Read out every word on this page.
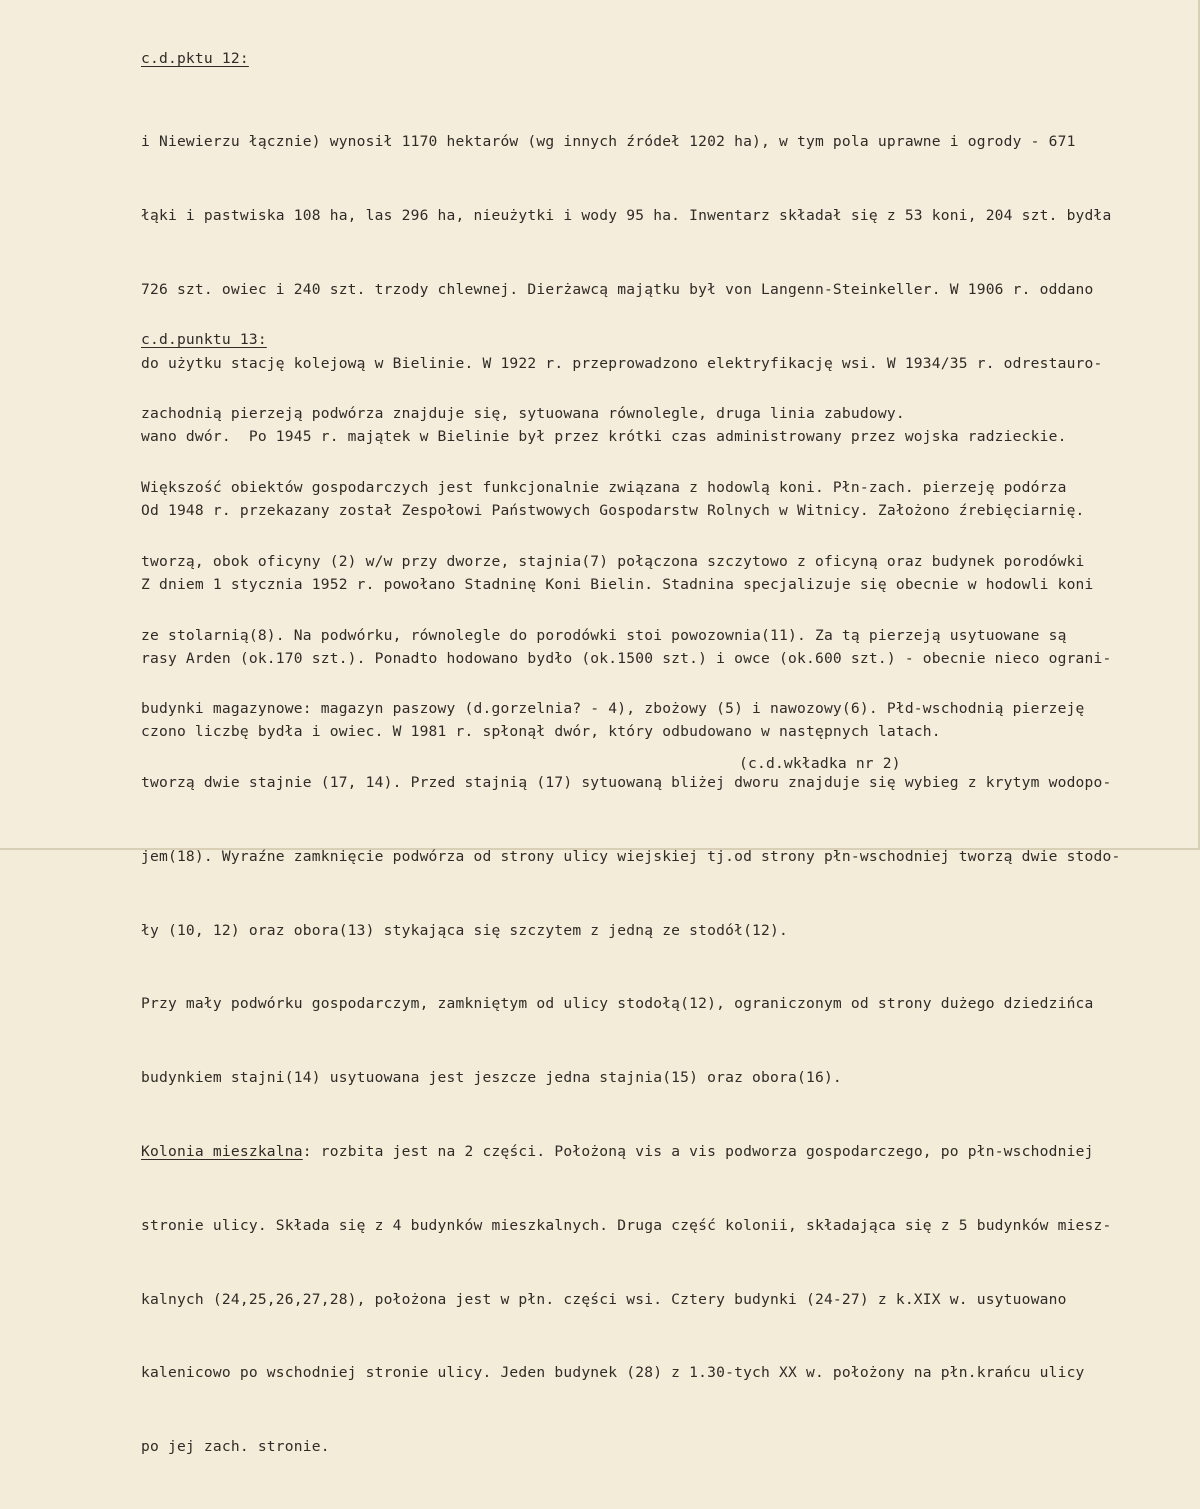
c.d.pktu 12:

i Niewierzu łącznie) wynosił 1170 hektarów (wg innych źródeł 1202 ha), w tym pola uprawne i ogrody - 671

łąki i pastwiska 108 ha, las 296 ha, nieużytki i wody 95 ha. Inwentarz składał się z 53 koni, 204 szt. bydła

726 szt. owiec i 240 szt. trzody chlewnej. Dierżawcą majątku był von Langenn-Steinkeller. W 1906 r. oddano

do użytku stację kolejową w Bielinie. W 1922 r. przeprowadzono elektryfikację wsi. W 1934/35 r. odrestauro-

wano dwór.  Po 1945 r. majątek w Bielinie był przez krótki czas administrowany przez wojska radzieckie.

Od 1948 r. przekazany został Zespołowi Państwowych Gospodarstw Rolnych w Witnicy. Założono źrebięciarnię.

Z dniem 1 stycznia 1952 r. powołano Stadninę Koni Bielin. Stadnina specjalizuje się obecnie w hodowli koni

rasy Arden (ok.170 szt.). Ponadto hodowano bydło (ok.1500 szt.) i owce (ok.600 szt.) - obecnie nieco ograni-

czono liczbę bydła i owiec. W 1981 r. spłonął dwór, który odbudowano w następnych latach.

c.d.punktu 13:

zachodnią pierzeją podwórza znajduje się, sytuowana równolegle, druga linia zabudowy.

Większość obiektów gospodarczych jest funkcjonalnie związana z hodowlą koni. Płn-zach. pierzeję podórza

tworzą, obok oficyny (2) w/w przy dworze, stajnia(7) połączona szczytowo z oficyną oraz budynek porodówki

ze stolarnią(8). Na podwórku, równolegle do porodówki stoi powozownia(11). Za tą pierzeją usytuowane są

budynki magazynowe: magazyn paszowy (d.gorzelnia? - 4), zbożowy (5) i nawozowy(6). Płd-wschodnią pierzeję

tworzą dwie stajnie (17, 14). Przed stajnią (17) sytuowaną bliżej dworu znajduje się wybieg z krytym wodopo-

jem(18). Wyraźne zamknięcie podwórza od strony ulicy wiejskiej tj.od strony płn-wschodniej tworzą dwie stodo-

ły (10, 12) oraz obora(13) stykająca się szczytem z jedną ze stodół(12).

Przy mały podwórku gospodarczym, zamkniętym od ulicy stodołą(12), ograniczonym od strony dużego dziedzińca

budynkiem stajni(14) usytuowana jest jeszcze jedna stajnia(15) oraz obora(16).

Kolonia mieszkalna: rozbita jest na 2 części. Położoną vis a vis podworza gospodarczego, po płn-wschodniej

stronie ulicy. Składa się z 4 budynków mieszkalnych. Druga część kolonii, składająca się z 5 budynków miesz-

kalnych (24,25,26,27,28), położona jest w płn. części wsi. Cztery budynki (24-27) z k.XIX w. usytuowano

kalenicowo po wschodniej stronie ulicy. Jeden budynek (28) z 1.30-tych XX w. położony na płn.krańcu ulicy

po jej zach. stronie.

(c.d.wkładka nr 2)
